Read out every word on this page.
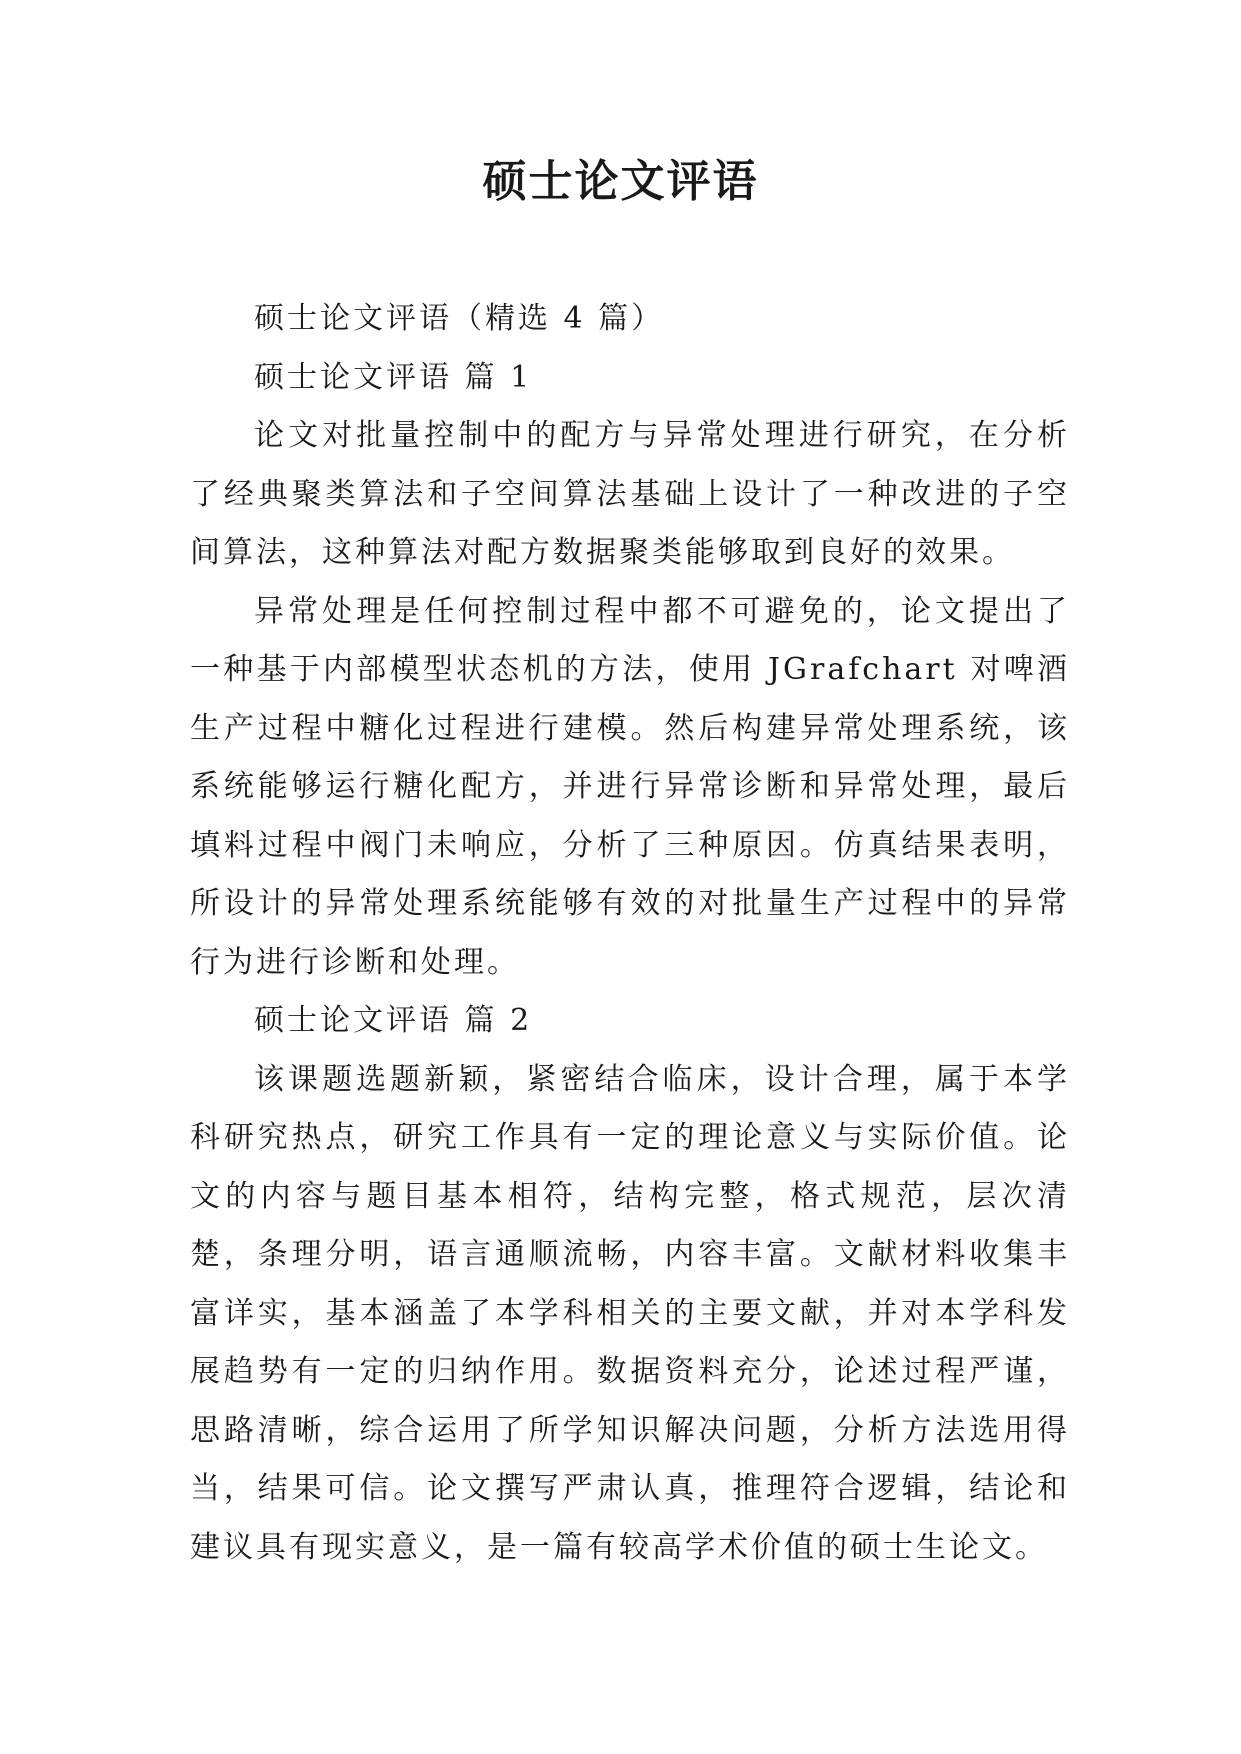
硕士论文评语

硕士论文评语（精选 4 篇）

硕士论文评语 篇 1

论文对批量控制中的配方与异常处理进行研究，在分析了经典聚类算法和子空间算法基础上设计了一种改进的子空间算法，这种算法对配方数据聚类能够取到良好的效果。

异常处理是任何控制过程中都不可避免的，论文提出了一种基于内部模型状态机的方法，使用 JGrafchart 对啤酒生产过程中糖化过程进行建模。然后构建异常处理系统，该系统能够运行糖化配方，并进行异常诊断和异常处理，最后填料过程中阀门未响应，分析了三种原因。仿真结果表明，所设计的异常处理系统能够有效的对批量生产过程中的异常行为进行诊断和处理。

硕士论文评语 篇 2

该课题选题新颖，紧密结合临床，设计合理，属于本学科研究热点，研究工作具有一定的理论意义与实际价值。论文的内容与题目基本相符，结构完整，格式规范，层次清楚，条理分明，语言通顺流畅，内容丰富。文献材料收集丰富详实，基本涵盖了本学科相关的主要文献，并对本学科发展趋势有一定的归纳作用。数据资料充分，论述过程严谨，思路清晰，综合运用了所学知识解决问题，分析方法选用得当，结果可信。论文撰写严肃认真，推理符合逻辑，结论和建议具有现实意义，是一篇有较高学术价值的硕士生论文。
